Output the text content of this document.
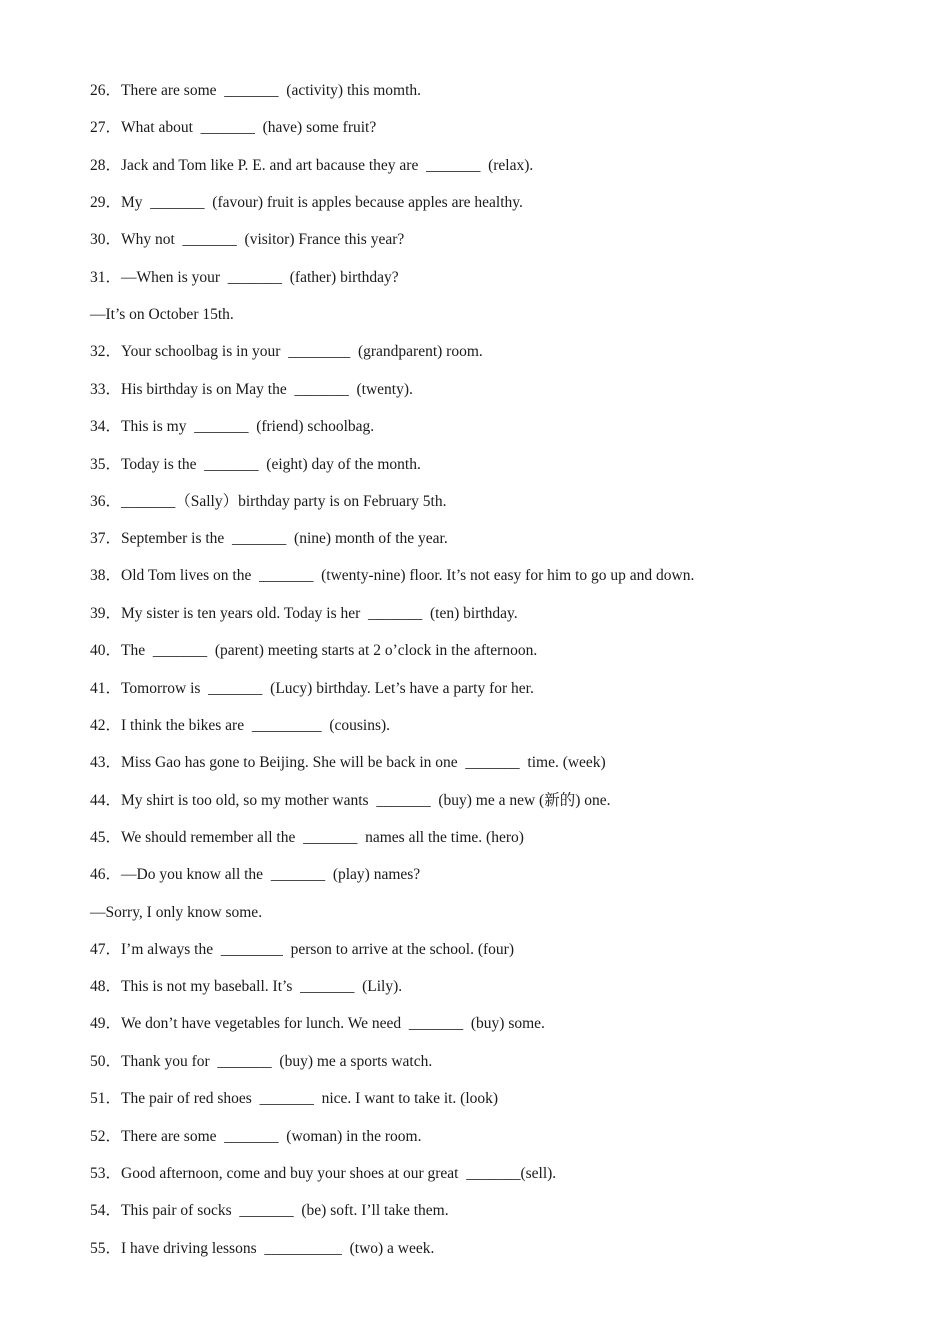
26．There are some  _______  (activity) this momth.
27．What about  _______  (have) some fruit?
28．Jack and Tom like P. E. and art bacause they are  _______  (relax).
29．My  _______  (favour) fruit is apples because apples are healthy.
30．Why not  _______  (visitor) France this year?
31．—When is your  _______  (father) birthday?
—It’s on October 15th.
32．Your schoolbag is in your  ________  (grandparent) room.
33．His birthday is on May the  _______  (twenty).
34．This is my  _______  (friend) schoolbag.
35．Today is the  _______  (eight) day of the month.
36．_______（Sally）birthday party is on February 5th.
37．September is the  _______  (nine) month of the year.
38．Old Tom lives on the  _______  (twenty-nine) floor. It’s not easy for him to go up and down.
39．My sister is ten years old. Today is her  _______  (ten) birthday.
40．The  _______  (parent) meeting starts at 2 o’clock in the afternoon.
41．Tomorrow is  _______  (Lucy) birthday. Let’s have a party for her.
42．I think the bikes are  _________  (cousins).
43．Miss Gao has gone to Beijing. She will be back in one  _______  time. (week)
44．My shirt is too old, so my mother wants  _______  (buy) me a new (新的) one.
45．We should remember all the  _______  names all the time. (hero)
46．—Do you know all the  _______  (play) names?
—Sorry, I only know some.
47．I’m always the  ________  person to arrive at the school. (four)
48．This is not my baseball. It’s  _______  (Lily).
49．We don’t have vegetables for lunch. We need  _______  (buy) some.
50．Thank you for  _______  (buy) me a sports watch.
51．The pair of red shoes  _______  nice. I want to take it. (look)
52．There are some  _______  (woman) in the room.
53．Good afternoon, come and buy your shoes at our great  _______(sell).
54．This pair of socks  _______  (be) soft. I’ll take them.
55．I have driving lessons  __________  (two) a week.
